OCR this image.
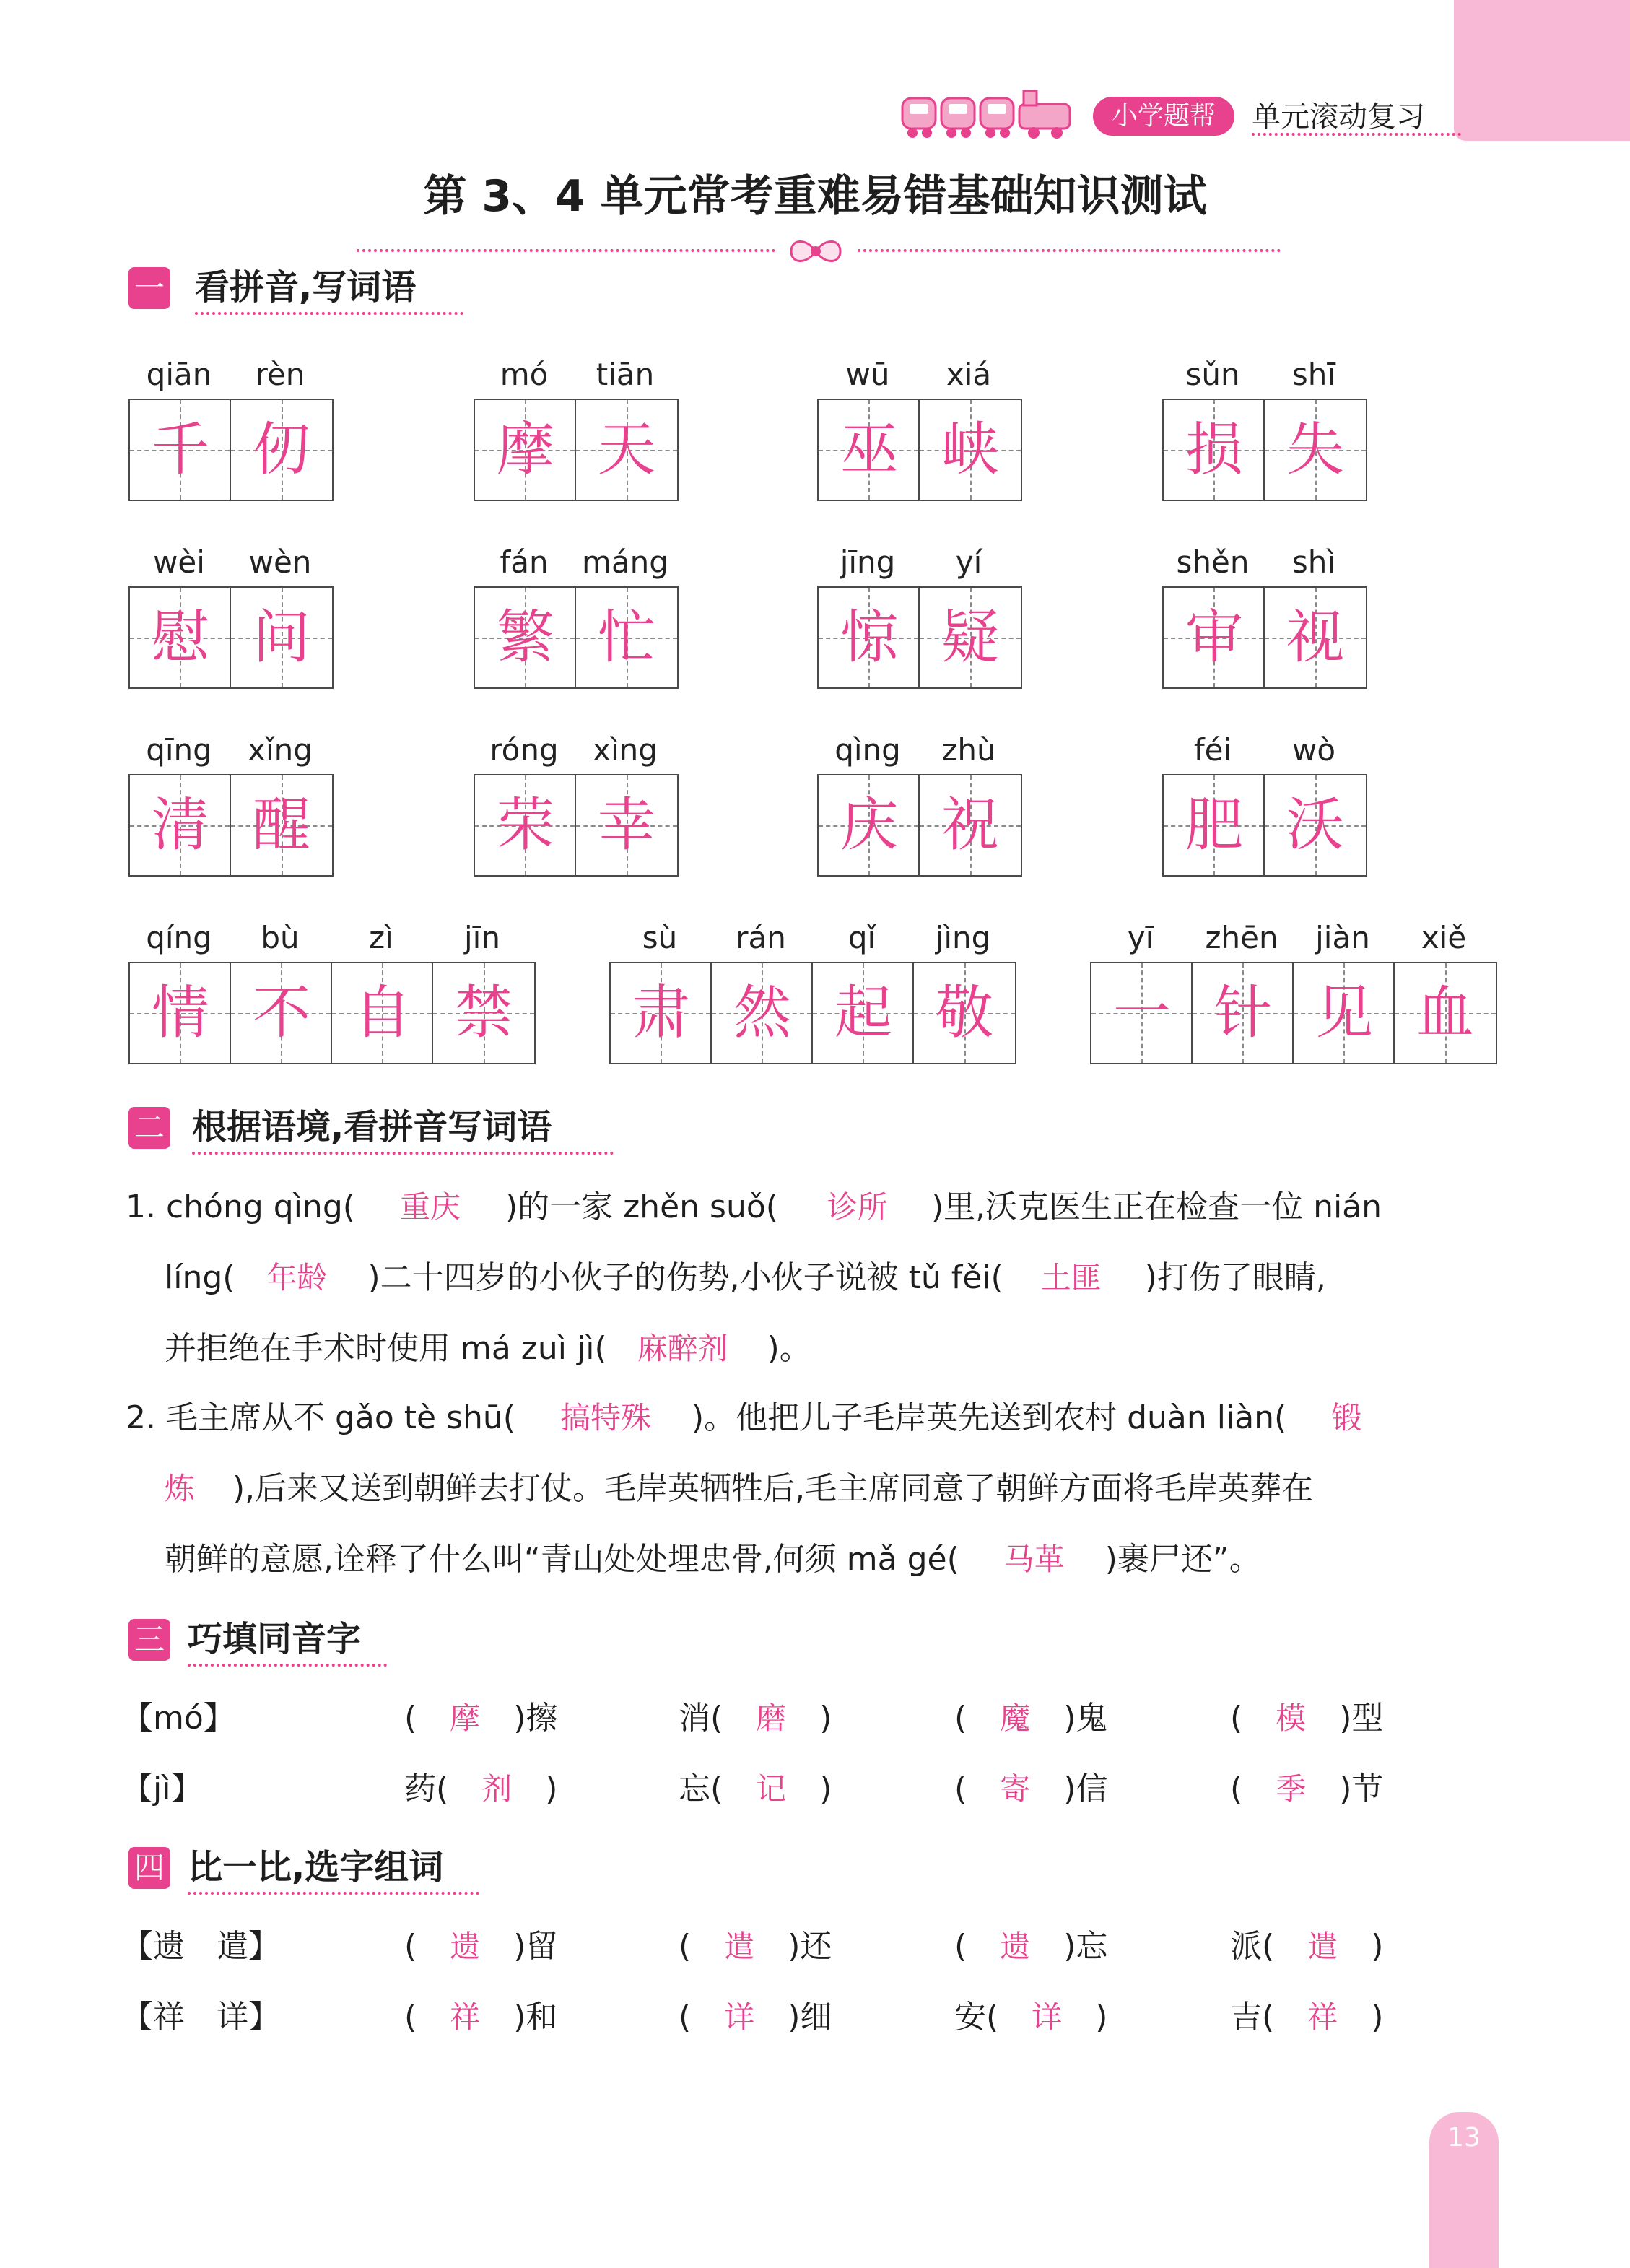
小学题帮	单元滚动复习
第 3、4 单元常考重难易错基础知识测试
一 看拼音,写词语
qiān	rèn
千 仞
mó	tiān
摩 天
wū	xiá
巫 峡
sǔn	shī
损 失
wèi	wèn
慰 问
fán	máng
繁 忙
jīng	yí
惊 疑
shěn	shì
审 视
qīng	xǐng
清 醒
róng	xìng
荣 幸
qìng	zhù
庆 祝
féi	wò
肥 沃
qíng	bù	zì	jīn
情 不 自 禁
sù	rán	qǐ	jìng
肃 然 起 敬
yī	zhēn	jiàn	xiě
一 针 见 血
二 根据语境,看拼音写词语
1. chóng qìng( 重庆 )的一家 zhěn suǒ( 诊所 )里,沃克医生正在检查一位 nián
líng( 年龄 )二十四岁的小伙子的伤势,小伙子说被 tǔ fěi( 土匪 )打伤了眼睛,
并拒绝在手术时使用 má zuì jì( 麻醉剂 )。
2. 毛主席从不 gǎo tè shū( 搞特殊 )。他把儿子毛岸英先送到农村 duàn liàn( 锻
炼 ),后来又送到朝鲜去打仗。毛岸英牺牲后,毛主席同意了朝鲜方面将毛岸英葬在
朝鲜的意愿,诠释了什么叫“青山处处埋忠骨,何须 mǎ gé( 马革 )裹尸还”。
三 巧填同音字
【mó】	( 摩 )擦	消( 磨 )	( 魔 )鬼	( 模 )型
【jì】	药( 剂 )	忘( 记 )	( 寄 )信	( 季 )节
四 比一比,选字组词
【遗　遣】	( 遗 )留	( 遣 )还	( 遗 )忘	派( 遣 )
【祥　详】	( 祥 )和	( 详 )细	安( 详 )	吉( 祥 )
13
